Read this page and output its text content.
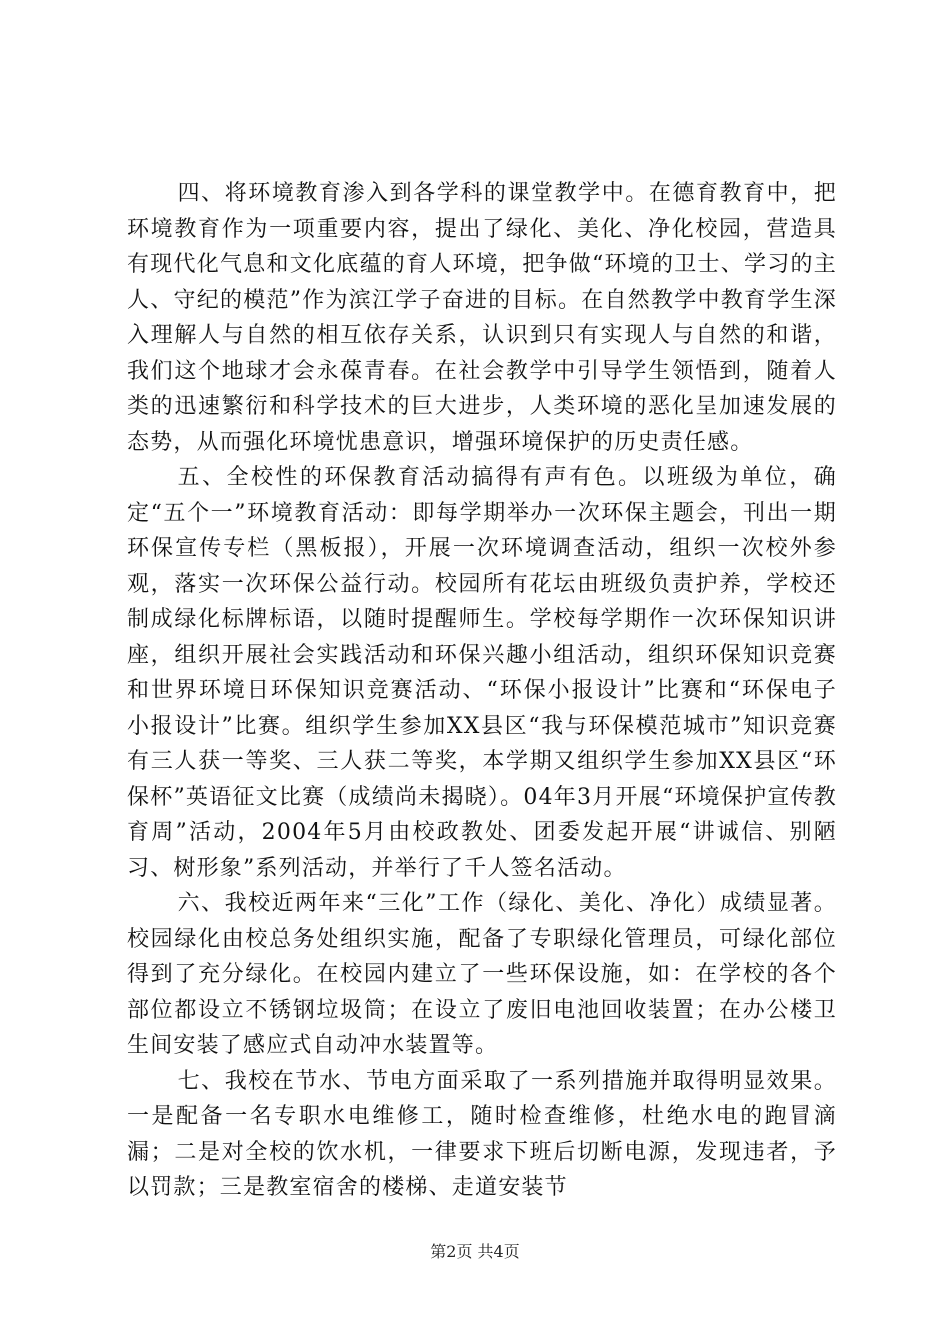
四、将环境教育渗入到各学科的课堂教学中。在德育教育中，把环境教育作为一项重要内容，提出了绿化、美化、净化校园，营造具有现代化气息和文化底蕴的育人环境，把争做“环境的卫士、学习的主人、守纪的模范”作为滨江学子奋进的目标。在自然教学中教育学生深入理解人与自然的相互依存关系，认识到只有实现人与自然的和谐，我们这个地球才会永葆青春。在社会教学中引导学生领悟到，随着人类的迅速繁衍和科学技术的巨大进步，人类环境的恶化呈加速发展的态势，从而强化环境忧患意识，增强环境保护的历史责任感。

五、全校性的环保教育活动搞得有声有色。以班级为单位，确定“五个一”环境教育活动：即每学期举办一次环保主题会，刊出一期环保宣传专栏（黑板报），开展一次环境调查活动，组织一次校外参观，落实一次环保公益行动。校园所有花坛由班级负责护养，学校还制成绿化标牌标语，以随时提醒师生。学校每学期作一次环保知识讲座，组织开展社会实践活动和环保兴趣小组活动，组织环保知识竞赛和世界环境日环保知识竞赛活动、“环保小报设计”比赛和“环保电子小报设计”比赛。组织学生参加XX县区“我与环保模范城市”知识竞赛有三人获一等奖、三人获二等奖，本学期又组织学生参加XX县区“环保杯”英语征文比赛（成绩尚未揭晓）。04年3月开展“环境保护宣传教育周”活动，2004年5月由校政教处、团委发起开展“讲诚信、别陋习、树形象”系列活动，并举行了千人签名活动。

六、我校近两年来“三化”工作（绿化、美化、净化）成绩显著。校园绿化由校总务处组织实施，配备了专职绿化管理员，可绿化部位得到了充分绿化。在校园内建立了一些环保设施，如：在学校的各个部位都设立不锈钢垃圾筒；在设立了废旧电池回收装置；在办公楼卫生间安装了感应式自动冲水装置等。

七、我校在节水、节电方面采取了一系列措施并取得明显效果。一是配备一名专职水电维修工，随时检查维修，杜绝水电的跑冒滴漏；二是对全校的饮水机，一律要求下班后切断电源，发现违者，予以罚款；三是教室宿舍的楼梯、走道安装节

第2页 共4页
